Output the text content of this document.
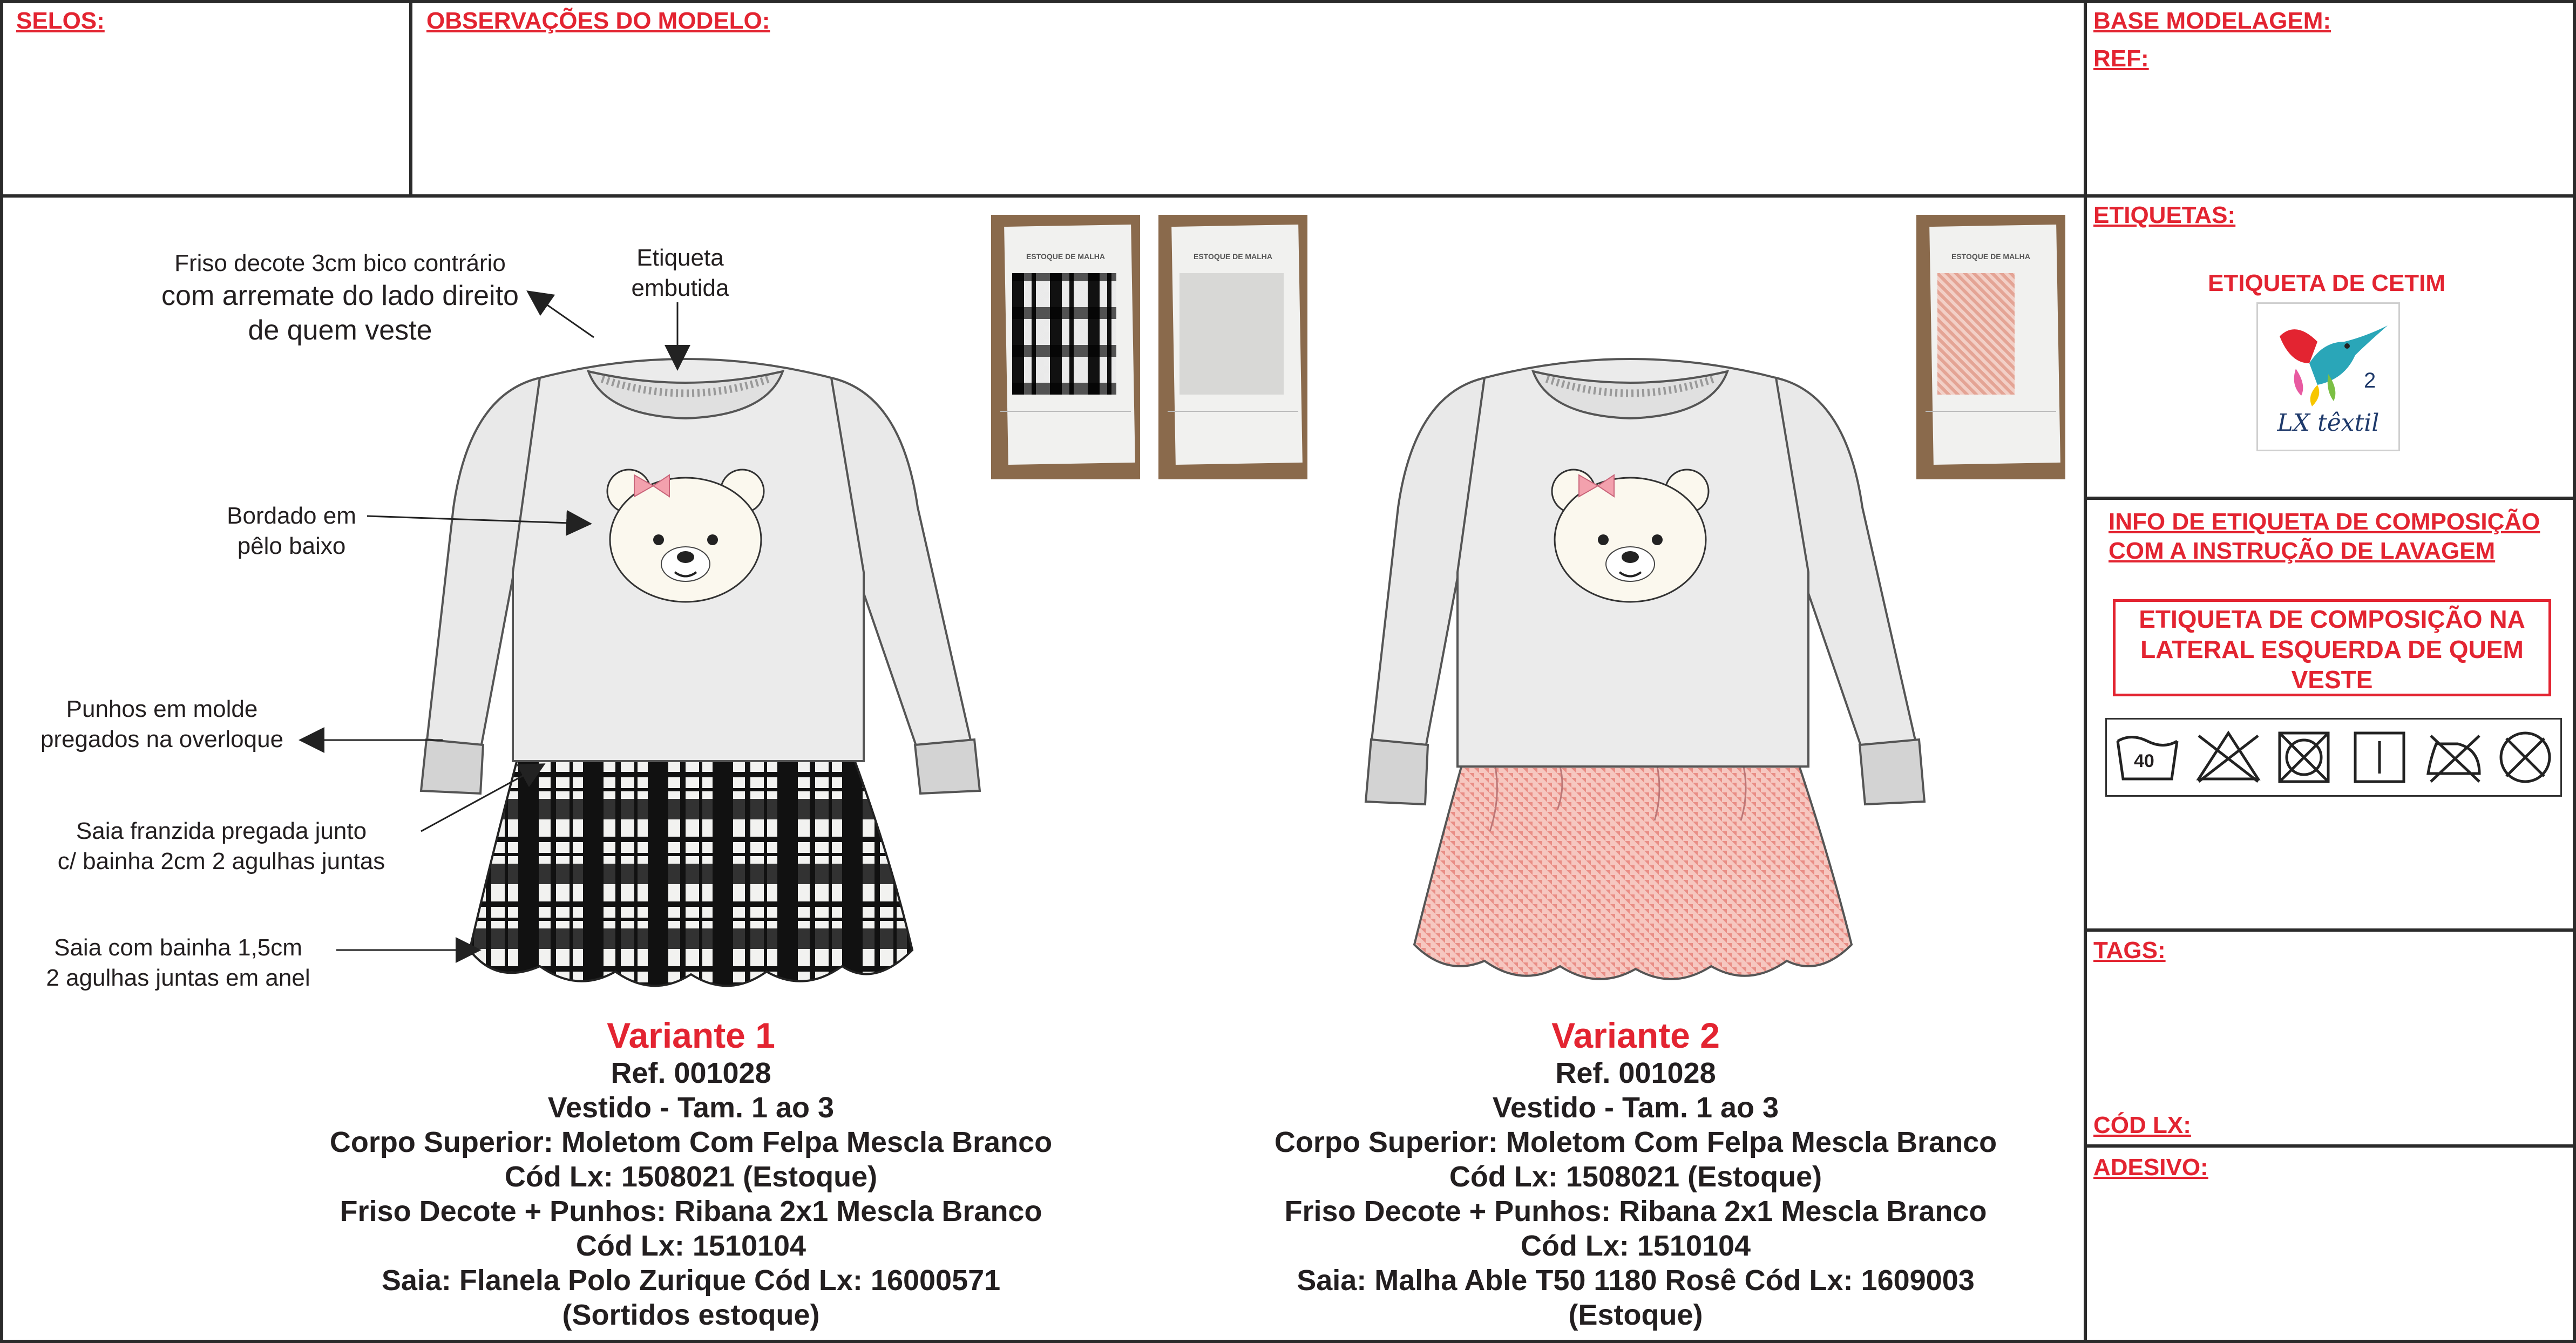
SELOS:	OBSERVAÇÕES DO MODELO:	BASE MODELAGEM:
REF:
ETIQUETAS:
ETIQUETA DE CETIM
2
LX têxtil
INFO DE ETIQUETA DE COMPOSIÇÃO COM A INSTRUÇÃO DE LAVAGEM
ETIQUETA DE COMPOSIÇÃO NA LATERAL ESQUERDA DE QUEM VESTE
40
TAGS:
CÓD LX:
ADESIVO:
ESTOQUE DE MALHA	ESTOQUE DE MALHA	ESTOQUE DE MALHA
Friso decote 3cm bico contrário
com arremate do lado direito
de quem veste
Etiqueta
embutida
Bordado em
pêlo baixo
Punhos em molde
pregados na overloque
Saia franzida pregada junto
c/ bainha 2cm 2 agulhas juntas
Saia com bainha 1,5cm
2 agulhas juntas em anel
Variante 1
Ref. 001028
Vestido - Tam. 1 ao 3
Corpo Superior: Moletom Com Felpa Mescla Branco
Cód Lx: 1508021 (Estoque)
Friso Decote + Punhos: Ribana 2x1 Mescla Branco
Cód Lx: 1510104
Saia: Flanela Polo Zurique Cód Lx: 16000571
(Sortidos estoque)
Variante 2
Ref. 001028
Vestido - Tam. 1 ao 3
Corpo Superior: Moletom Com Felpa Mescla Branco
Cód Lx: 1508021 (Estoque)
Friso Decote + Punhos: Ribana 2x1 Mescla Branco
Cód Lx: 1510104
Saia: Malha Able T50 1180 Rosê Cód Lx: 1609003
(Estoque)
